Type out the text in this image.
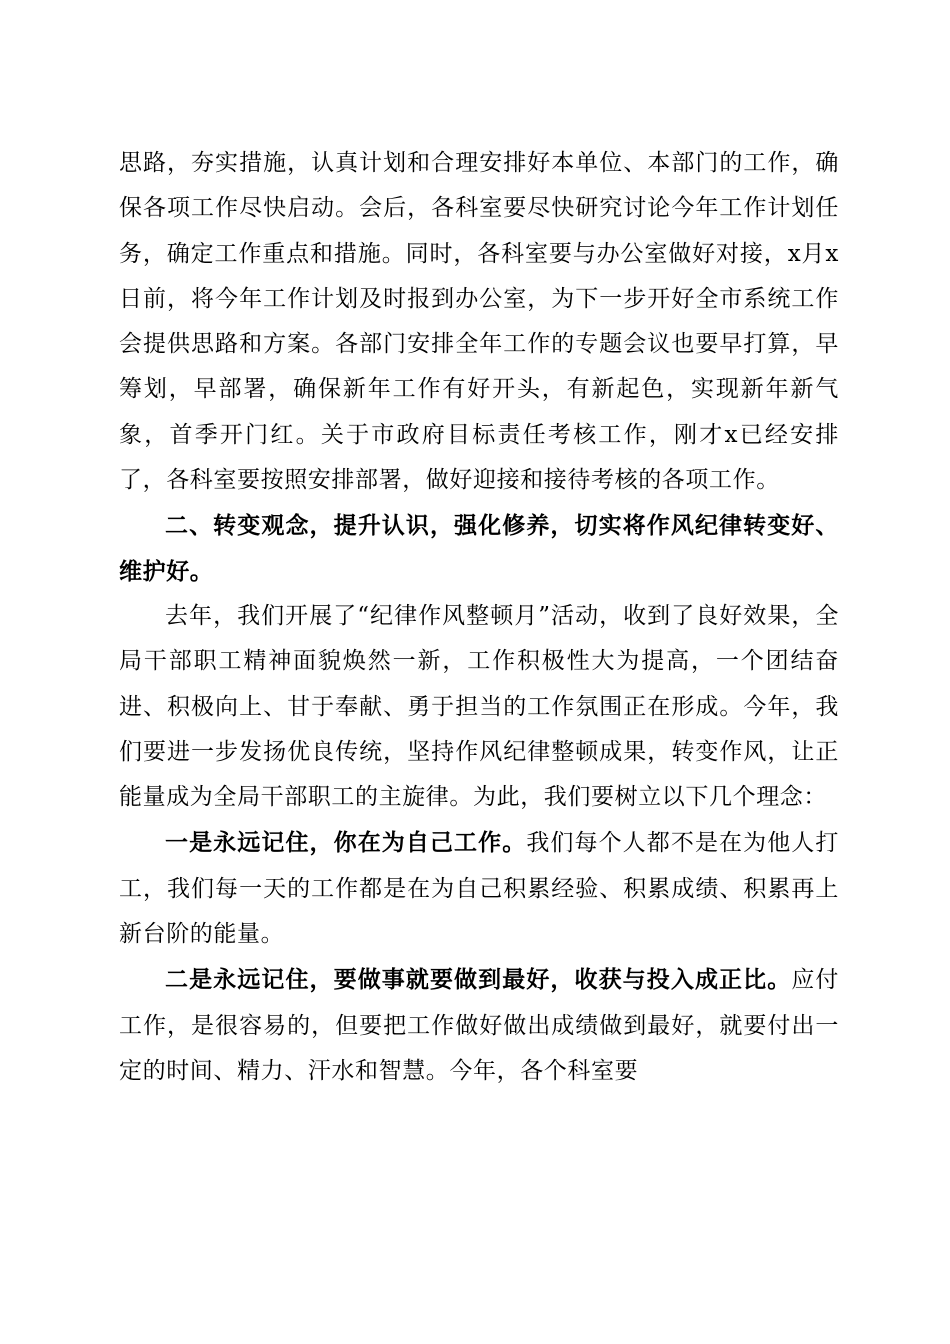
思路，夯实措施，认真计划和合理安排好本单位、本部门的工作，确保各项工作尽快启动。会后，各科室要尽快研究讨论今年工作计划任务，确定工作重点和措施。同时，各科室要与办公室做好对接，x月x日前，将今年工作计划及时报到办公室，为下一步开好全市系统工作会提供思路和方案。各部门安排全年工作的专题会议也要早打算，早筹划，早部署，确保新年工作有好开头，有新起色，实现新年新气象，首季开门红。关于市政府目标责任考核工作，刚才x已经安排了，各科室要按照安排部署，做好迎接和接待考核的各项工作。

二、转变观念，提升认识，强化修养，切实将作风纪律转变好、维护好。

去年，我们开展了“纪律作风整顿月”活动，收到了良好效果，全局干部职工精神面貌焕然一新，工作积极性大为提高，一个团结奋进、积极向上、甘于奉献、勇于担当的工作氛围正在形成。今年，我们要进一步发扬优良传统，坚持作风纪律整顿成果，转变作风，让正能量成为全局干部职工的主旋律。为此，我们要树立以下几个理念：

一是永远记住，你在为自己工作。我们每个人都不是在为他人打工，我们每一天的工作都是在为自己积累经验、积累成绩、积累再上新台阶的能量。

二是永远记住，要做事就要做到最好，收获与投入成正比。应付工作，是很容易的，但要把工作做好做出成绩做到最好，就要付出一定的时间、精力、汗水和智慧。今年，各个科室要
